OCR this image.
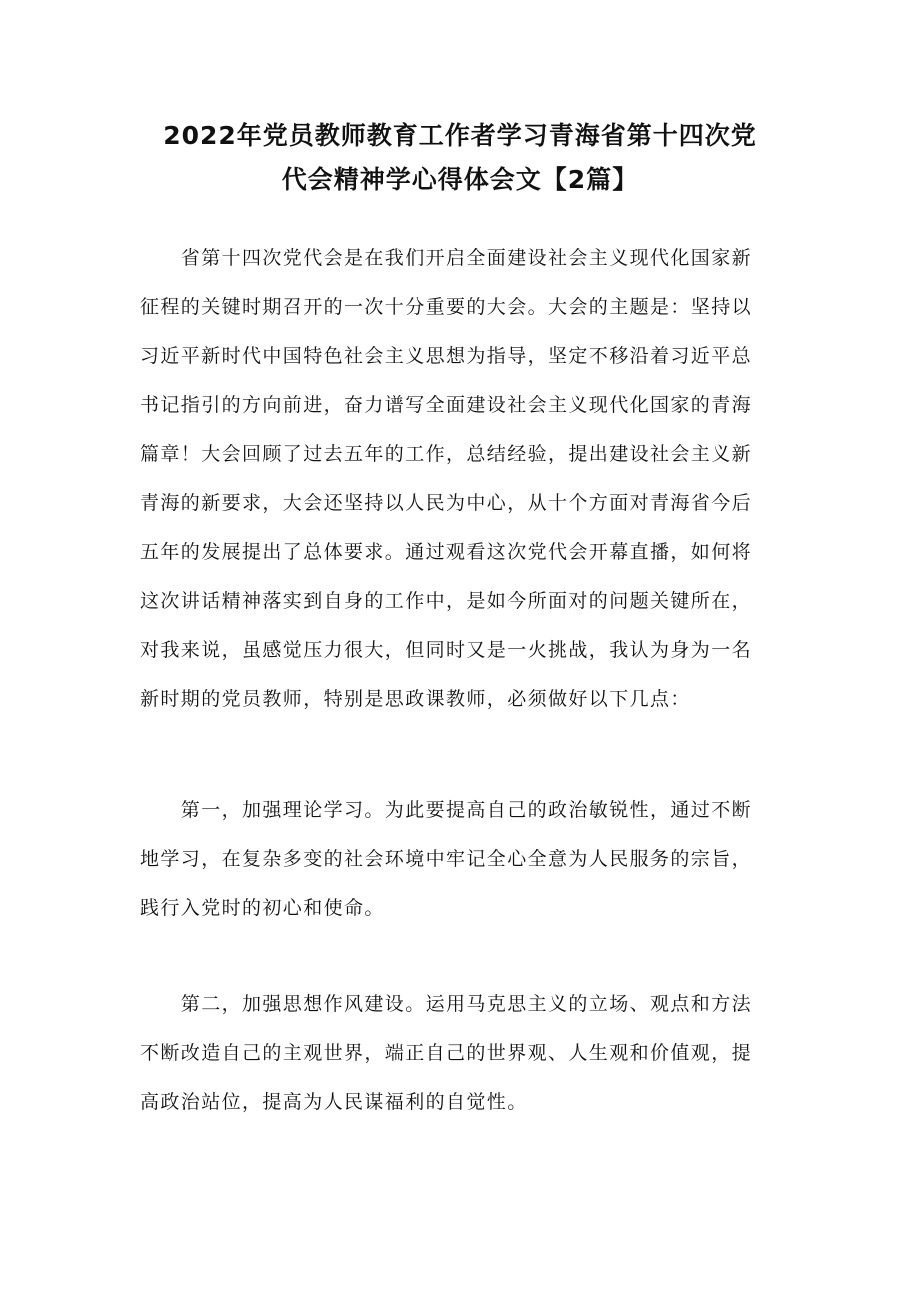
2022年党员教师教育工作者学习青海省第十四次党
代会精神学心得体会文【2篇】
　　省第十四次党代会是在我们开启全面建设社会主义现代化国家新
征程的关键时期召开的一次十分重要的大会。大会的主题是：坚持以
习近平新时代中国特色社会主义思想为指导，坚定不移沿着习近平总
书记指引的方向前进，奋力谱写全面建设社会主义现代化国家的青海
篇章！大会回顾了过去五年的工作，总结经验，提出建设社会主义新
青海的新要求，大会还坚持以人民为中心，从十个方面对青海省今后
五年的发展提出了总体要求。通过观看这次党代会开幕直播，如何将
这次讲话精神落实到自身的工作中，是如今所面对的问题关键所在，
对我来说，虽感觉压力很大，但同时又是一火挑战，我认为身为一名
新时期的党员教师，特别是思政课教师，必须做好以下几点：
　　第一，加强理论学习。为此要提高自己的政治敏锐性，通过不断
地学习，在复杂多变的社会环境中牢记全心全意为人民服务的宗旨，
践行入党时的初心和使命。
　　第二，加强思想作风建设。运用马克思主义的立场、观点和方法
不断改造自己的主观世界，端正自己的世界观、人生观和价值观，提
高政治站位，提高为人民谋福利的自觉性。
